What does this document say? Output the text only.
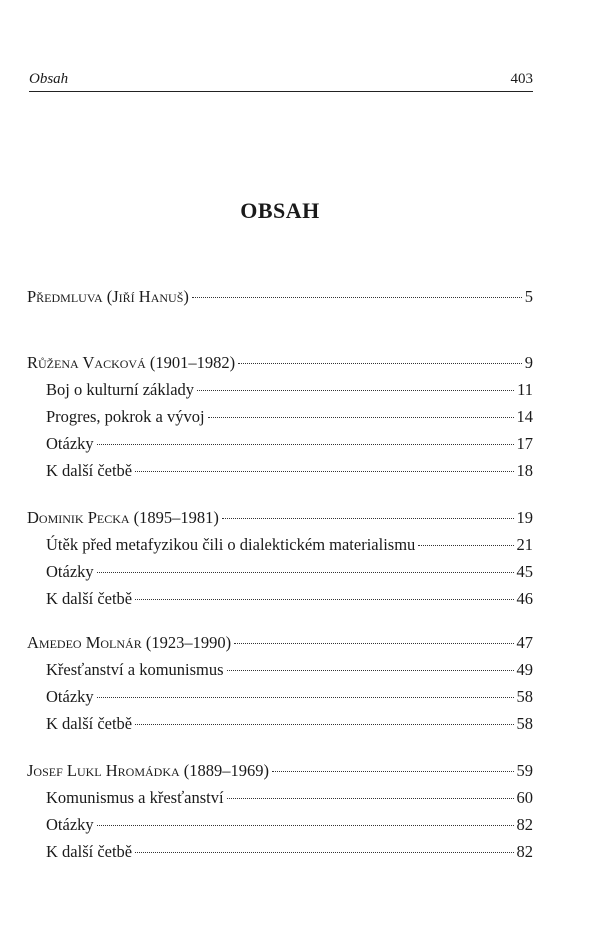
Obsah	403
OBSAH
Předmluva (Jiří Hanuš)	5
Růžena Vacková (1901–1982)	9
Boj o kulturní základy	11
Progres, pokrok a vývoj	14
Otázky	17
K další četbě	18
Dominik Pecka (1895–1981)	19
Útěk před metafyzikou čili o dialektickém materialismu	21
Otázky	45
K další četbě	46
Amedeo Molnár (1923–1990)	47
Křesťanství a komunismus	49
Otázky	58
K další četbě	58
Josef Lukl Hromádka (1889–1969)	59
Komunismus a křesťanství	60
Otázky	82
K další četbě	82
